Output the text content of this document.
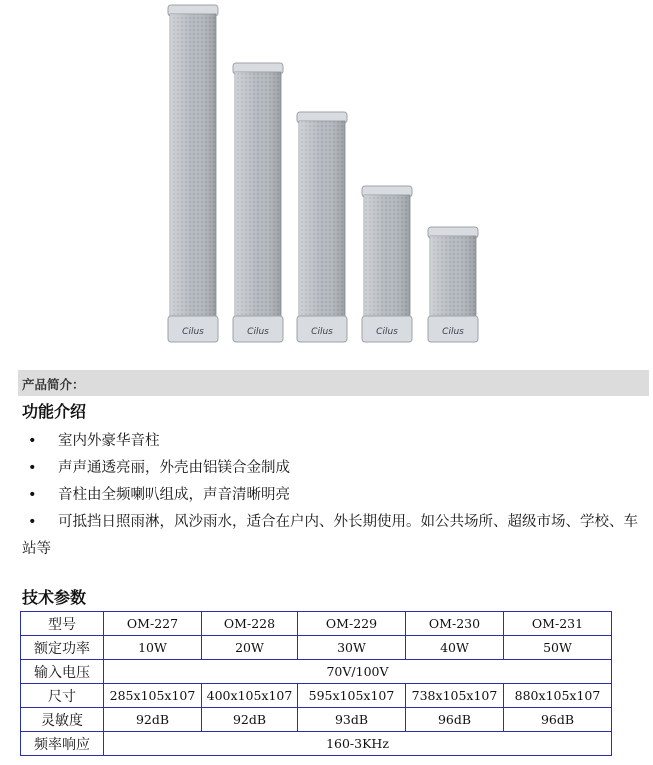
Cilus	Cilus	Cilus	Cilus	Cilus
产品简介：
功能介绍
• 室内外豪华音柱
• 声声通透亮丽，外壳由铝镁合金制成
• 音柱由全频喇叭组成，声音清晰明亮
• 可抵挡日照雨淋，风沙雨水，适合在户内、外长期使用。如公共场所、超级市场、学校、车站等
技术参数
型号	OM-227	OM-228	OM-229	OM-230	OM-231
额定功率	10W	20W	30W	40W	50W
输入电压	70V/100V				
尺寸	285x105x107	400x105x107	595x105x107	738x105x107	880x105x107
灵敏度	92dB	92dB	93dB	96dB	96dB
频率响应	160-3KHz				
